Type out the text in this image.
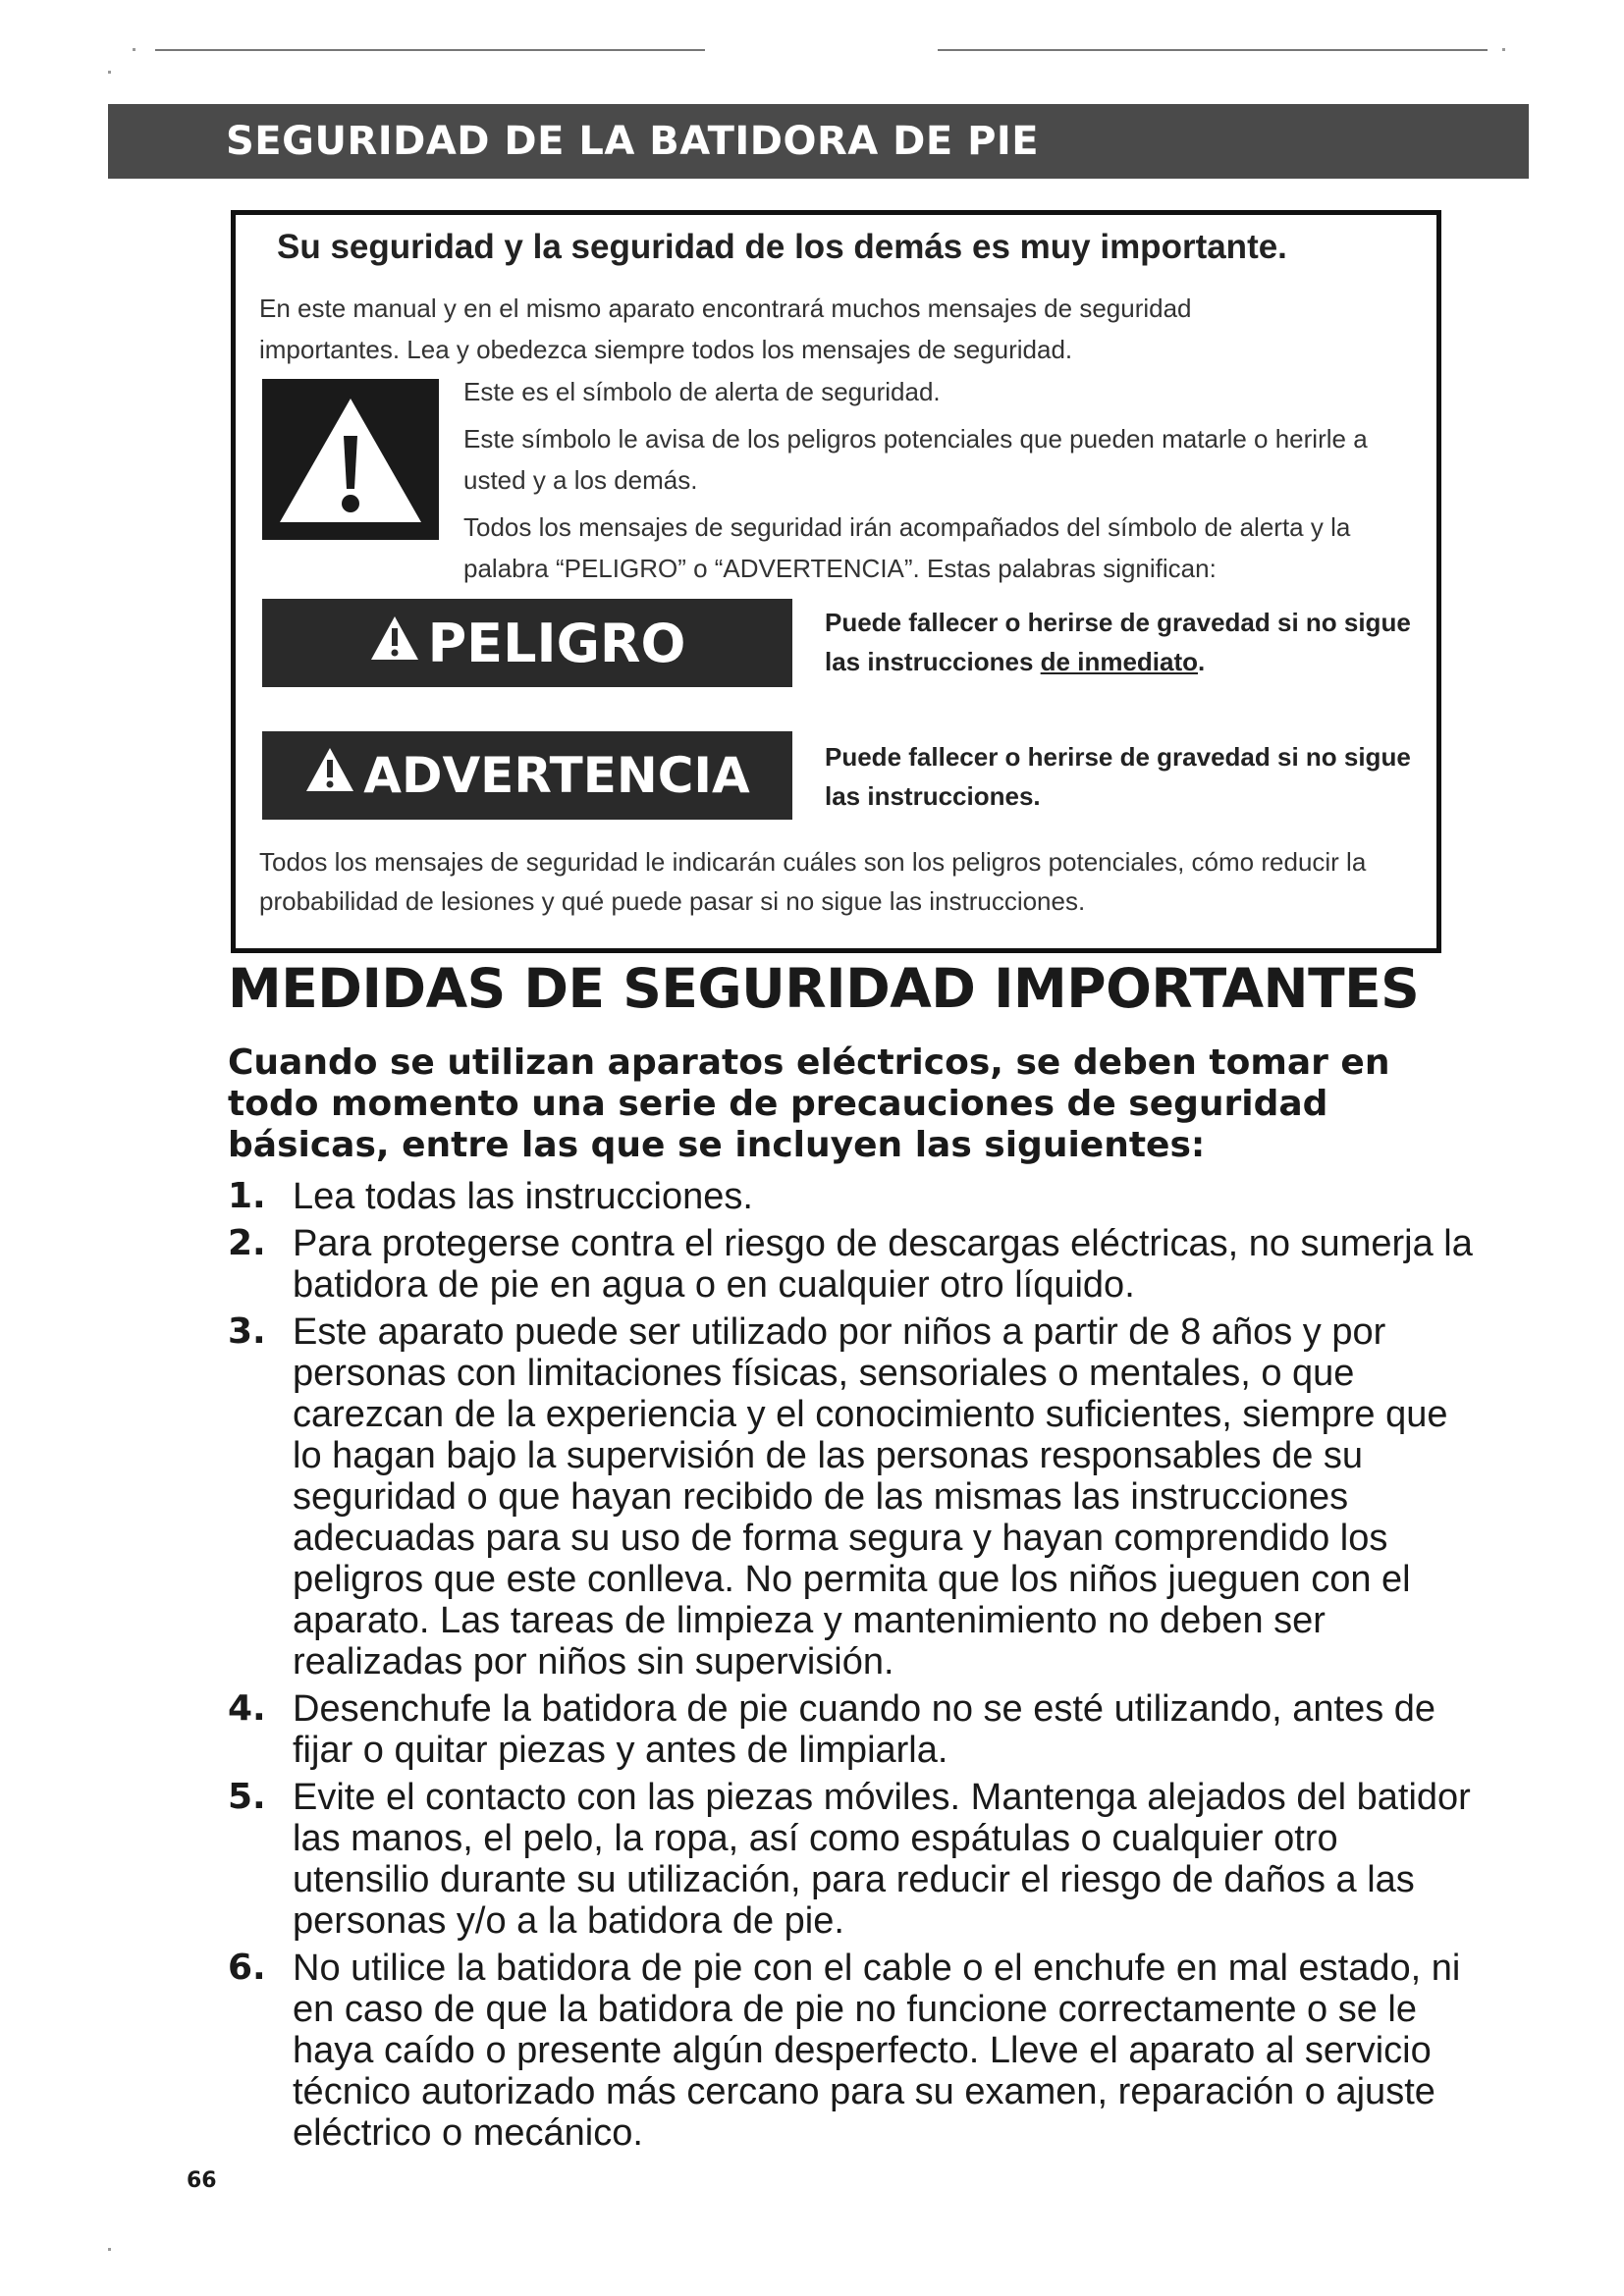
SEGURIDAD DE LA BATIDORA DE PIE
Su seguridad y la seguridad de los demás es muy importante.
En este manual y en el mismo aparato encontrará muchos mensajes de seguridad
importantes. Lea y obedezca siempre todos los mensajes de seguridad.

Este es el símbolo de alerta de seguridad.

Este símbolo le avisa de los peligros potenciales que pueden matarle o herirle a usted y a los demás.

Todos los mensajes de seguridad irán acompañados del símbolo de alerta y la palabra “PELIGRO” o “ADVERTENCIA”. Estas palabras significan:

PELIGRO	Puede fallecer o herirse de gravedad si no sigue las instrucciones de inmediato.
ADVERTENCIA	Puede fallecer o herirse de gravedad si no sigue las instrucciones.
Todos los mensajes de seguridad le indicarán cuáles son los peligros potenciales, cómo reducir la probabilidad de lesiones y qué puede pasar si no sigue las instrucciones.
MEDIDAS DE SEGURIDAD IMPORTANTES
Cuando se utilizan aparatos eléctricos, se deben tomar en todo momento una serie de precauciones de seguridad básicas, entre las que se incluyen las siguientes:
1. Lea todas las instrucciones.
2. Para protegerse contra el riesgo de descargas eléctricas, no sumerja la batidora de pie en agua o en cualquier otro líquido.
3. Este aparato puede ser utilizado por niños a partir de 8 años y por personas con limitaciones físicas, sensoriales o mentales, o que carezcan de la experiencia y el conocimiento suficientes, siempre que lo hagan bajo la supervisión de las personas responsables de su seguridad o que hayan recibido de las mismas las instrucciones adecuadas para su uso de forma segura y hayan comprendido los peligros que este conlleva. No permita que los niños jueguen con el aparato. Las tareas de limpieza y mantenimiento no deben ser realizadas por niños sin supervisión.
4. Desenchufe la batidora de pie cuando no se esté utilizando, antes de fijar o quitar piezas y antes de limpiarla.
5. Evite el contacto con las piezas móviles. Mantenga alejados del batidor las manos, el pelo, la ropa, así como espátulas o cualquier otro utensilio durante su utilización, para reducir el riesgo de daños a las personas y/o a la batidora de pie.
6. No utilice la batidora de pie con el cable o el enchufe en mal estado, ni en caso de que la batidora de pie no funcione correctamente o se le haya caído o presente algún desperfecto. Lleve el aparato al servicio técnico autorizado más cercano para su examen, reparación o ajuste eléctrico o mecánico.
66
